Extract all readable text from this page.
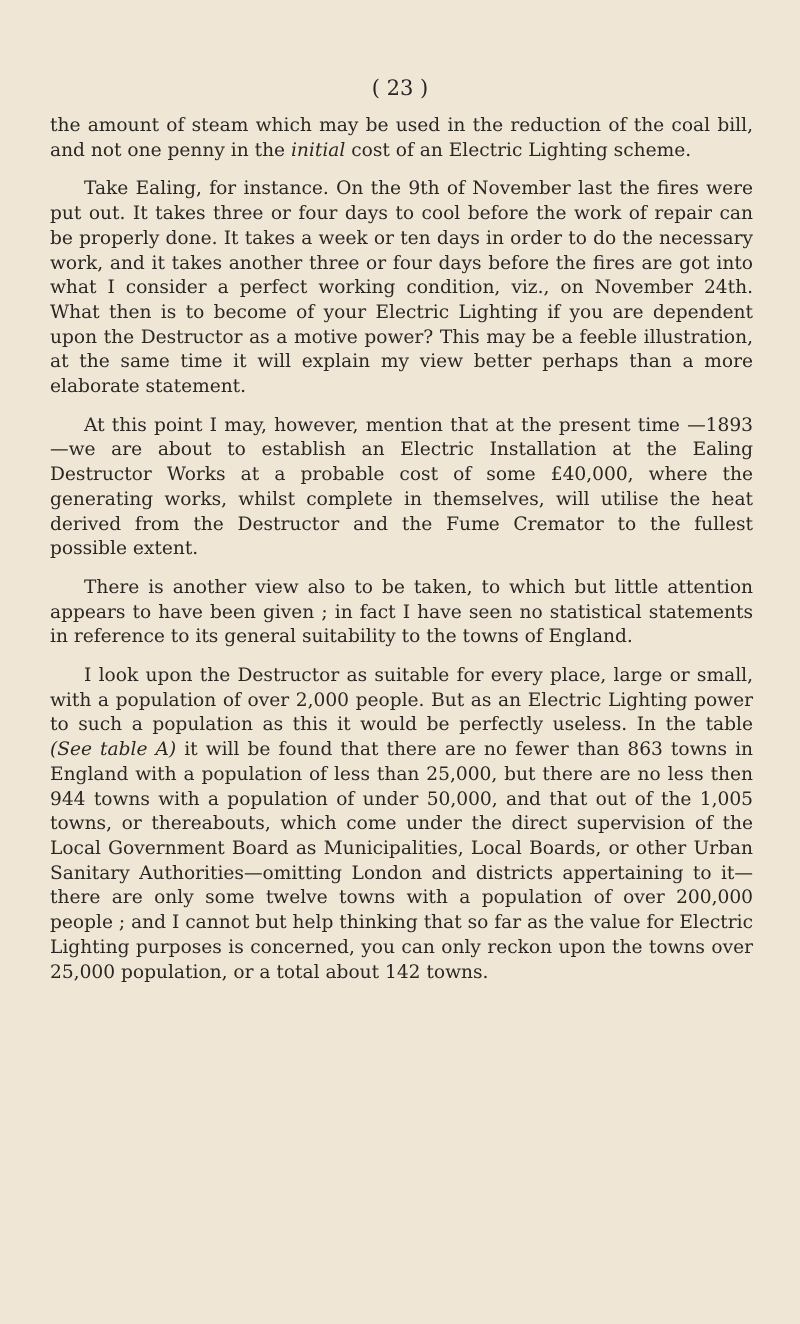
( 23 )

the amount of steam which may be used in the reduction of the coal bill, and not one penny in the initial cost of an Electric Lighting scheme.

Take Ealing, for instance. On the 9th of November last the fires were put out. It takes three or four days to cool before the work of repair can be properly done. It takes a week or ten days in order to do the necessary work, and it takes another three or four days before the fires are got into what I consider a perfect working condition, viz., on November 24th. What then is to become of your Electric Lighting if you are dependent upon the Destructor as a motive power? This may be a feeble illustration, at the same time it will explain my view better perhaps than a more elaborate statement.

At this point I may, however, mention that at the present time —1893—we are about to establish an Electric Installation at the Ealing Destructor Works at a probable cost of some £40,000, where the generating works, whilst complete in themselves, will utilise the heat derived from the Destructor and the Fume Cremator to the fullest possible extent.

There is another view also to be taken, to which but little attention appears to have been given ; in fact I have seen no statistical statements in reference to its general suitability to the towns of England.

I look upon the Destructor as suitable for every place, large or small, with a population of over 2,000 people. But as an Electric Lighting power to such a population as this it would be perfectly useless. In the table (See table A) it will be found that there are no fewer than 863 towns in England with a population of less than 25,000, but there are no less then 944 towns with a population of under 50,000, and that out of the 1,005 towns, or thereabouts, which come under the direct supervision of the Local Government Board as Municipalities, Local Boards, or other Urban Sanitary Authorities—omitting London and districts appertaining to it—there are only some twelve towns with a population of over 200,000 people ; and I cannot but help thinking that so far as the value for Electric Lighting purposes is concerned, you can only reckon upon the towns over 25,000 population, or a total about 142 towns.
